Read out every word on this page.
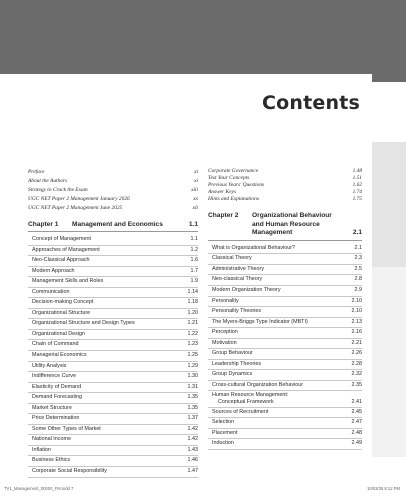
Contents
Preface	xi
About the Authors	xi
Strategy to Crack the Exam	xiii
UGC NET Paper 2 Management January 2026	xx
UGC NET Paper 2 Management June 2025	xli
Chapter 1	Management and Economics	1.1
Concept of Management	1.1
Approaches of Management	1.2
Neo-Classical Approach	1.6
Modern Approach	1.7
Management Skills and Roles	1.9
Communication	1.14
Decision-making Concept	1.18
Organizational Structure	1.20
Organizational Structure and Design Types	1.21
Organizational Design	1.22
Chain of Command	1.23
Managerial Economics	1.25
Utility Analysis	1.29
Indifference Curve	1.30
Elasticity of Demand	1.31
Demand Forecasting	1.35
Market Structure	1.35
Price Determination	1.37
Some Other Types of Market	1.42
National Income	1.42
Inflation	1.43
Business Ethics	1.46
Corporate Social Responsibility	1.47
Corporate Governance	1.48
Test Your Concepts	1.51
Previous Years' Questions	1.62
Answer Keys	1.74
Hints and Explanations	1.75
Chapter 2	Organizational Behaviour
and Human Resource
Management	2.1
What is Organizational Behaviour?	2.1
Classical Theory	2.3
Administrative Theory	2.5
Neo-classical Theory	2.8
Modern Organization Theory	2.9
Personality	2.10
Personality Theories	2.10
The Myers-Briggs Type Indicator (MBTI)	2.13
Perception	2.16
Motivation	2.21
Group Behaviour	2.26
Leadership Theories	2.28
Group Dynamics	2.32
Cross-cultural Organization Behaviour	2.35
Human Resource Management:
Conceptual Framework	2.41
Sources of Recruitment	2.45
Selection	2.47
Placement	2.48
Induction	2.49
TV1_Management_00000_FM.indd 7	10/03/26 8:12 PM
